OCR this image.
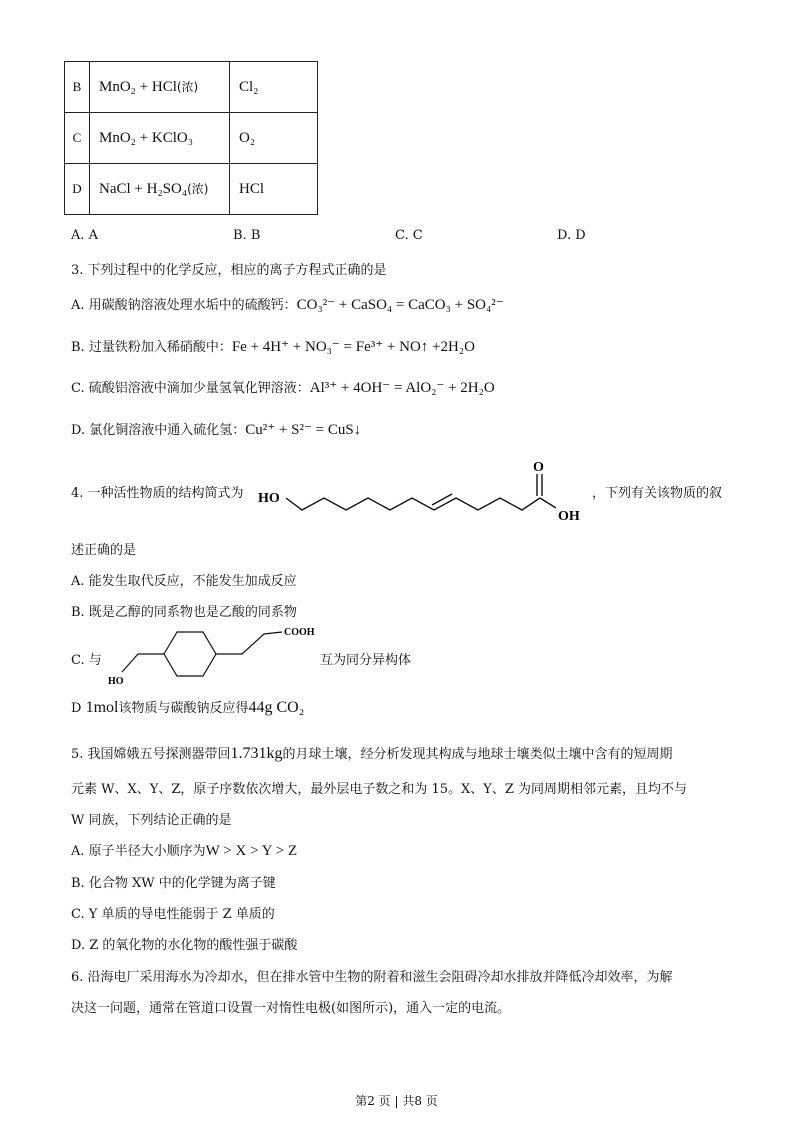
B	MnO₂ + HCl(浓)	Cl₂
C	MnO₂ + KClO₃	O₂
D	NaCl + H₂SO₄(浓)	HCl
A. A	B. B	C. C	D. D
3. 下列过程中的化学反应，相应的离子方程式正确的是
A. 用碳酸钠溶液处理水垢中的硫酸钙：CO₃²⁻ + CaSO₄ = CaCO₃ + SO₄²⁻
B. 过量铁粉加入稀硝酸中：Fe + 4H⁺ + NO₃⁻ = Fe³⁺ + NO↑ +2H₂O
C. 硫酸铝溶液中滴加少量氢氧化钾溶液：Al³⁺ + 4OH⁻ = AlO₂⁻ + 2H₂O
D. 氯化铜溶液中通入硫化氢：Cu²⁺ + S²⁻ = CuS↓
4. 一种活性物质的结构简式为 HO
O
OH
，下列有关该物质的叙
述正确的是
A. 能发生取代反应，不能发生加成反应
B. 既是乙醇的同系物也是乙酸的同系物
C. 与
COOH
HO
互为同分异构体
D 1mol该物质与碳酸钠反应得44g CO₂
5. 我国嫦娥五号探测器带回1.731kg的月球土壤，经分析发现其构成与地球士壤类似土壤中含有的短周期
元素 W、X、Y、Z，原子序数依次增大，最外层电子数之和为 15。X、Y、Z 为同周期相邻元素，且均不与
W 同族，下列结论正确的是
A. 原子半径大小顺序为W > X > Y > Z
B. 化合物 XW 中的化学键为离子键
C. Y 单质的导电性能弱于 Z 单质的
D. Z 的氧化物的水化物的酸性强于碳酸
6. 沿海电厂采用海水为冷却水，但在排水管中生物的附着和滋生会阻碍冷却水排放并降低冷却效率，为解
决这一问题，通常在管道口设置一对惰性电极(如图所示)，通入一定的电流。
第2 页 | 共8 页
